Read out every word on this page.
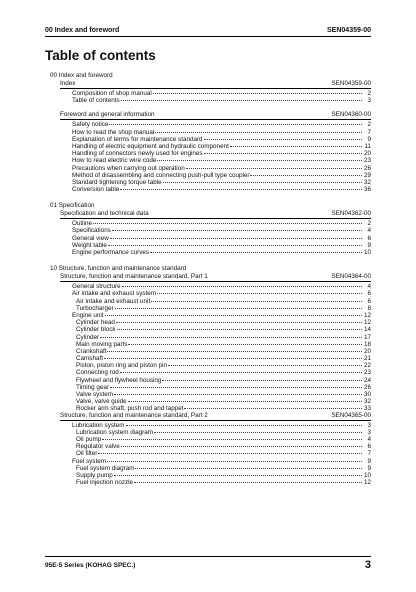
00 Index and foreword	SEN04359-00
Table of contents
00 Index and foreword
Index	SEN04359-00
Composition of shop manual	2
Table of contents	3
Foreword and general information	SEN04360-00
Safety notice	2
How to read the shop manual	7
Explanation of terms for maintenance standard	9
Handling of electric equipment and hydraulic component	11
Handling of connectors newly used for engines	20
How to read electric wire code	23
Precautions when carrying out operation	26
Method of disassembling and connecting push-pull type coupler	29
Standard tightening torque table	32
Conversion table	36
01 Specification
Specification and technical data	SEN04362-00
Outline	2
Specifications	4
General view	6
Weight table	9
Engine performance curves	10
10 Structure, function and maintenance standard
Structure, function and maintenance standard, Part 1	SEN04364-00
General structure	4
Air intake and exhaust system	6
Air intake and exhaust unit	6
Turbocharger	8
Engine unit	12
Cylinder head	12
Cylinder block	14
Cylinder	17
Main moving parts	18
Crankshaft	20
Camshaft	21
Piston, piston ring and piston pin	22
Connecting rod	23
Flywheel and flywheel housing	24
Timing gear	26
Valve system	30
Valve, valve guide	32
Rocker arm shaft, push rod and tappet	33
Structure, function and maintenance standard, Part 2	SEN04365-00
Lubrication system	3
Lubrication system diagram	3
Oil pump	4
Regulator valve	6
Oil filter	7
Fuel system	9
Fuel system diagram	9
Supply pump	10
Fuel injection nozzle	12
95E-5 Series (KOHAG SPEC.)	3
